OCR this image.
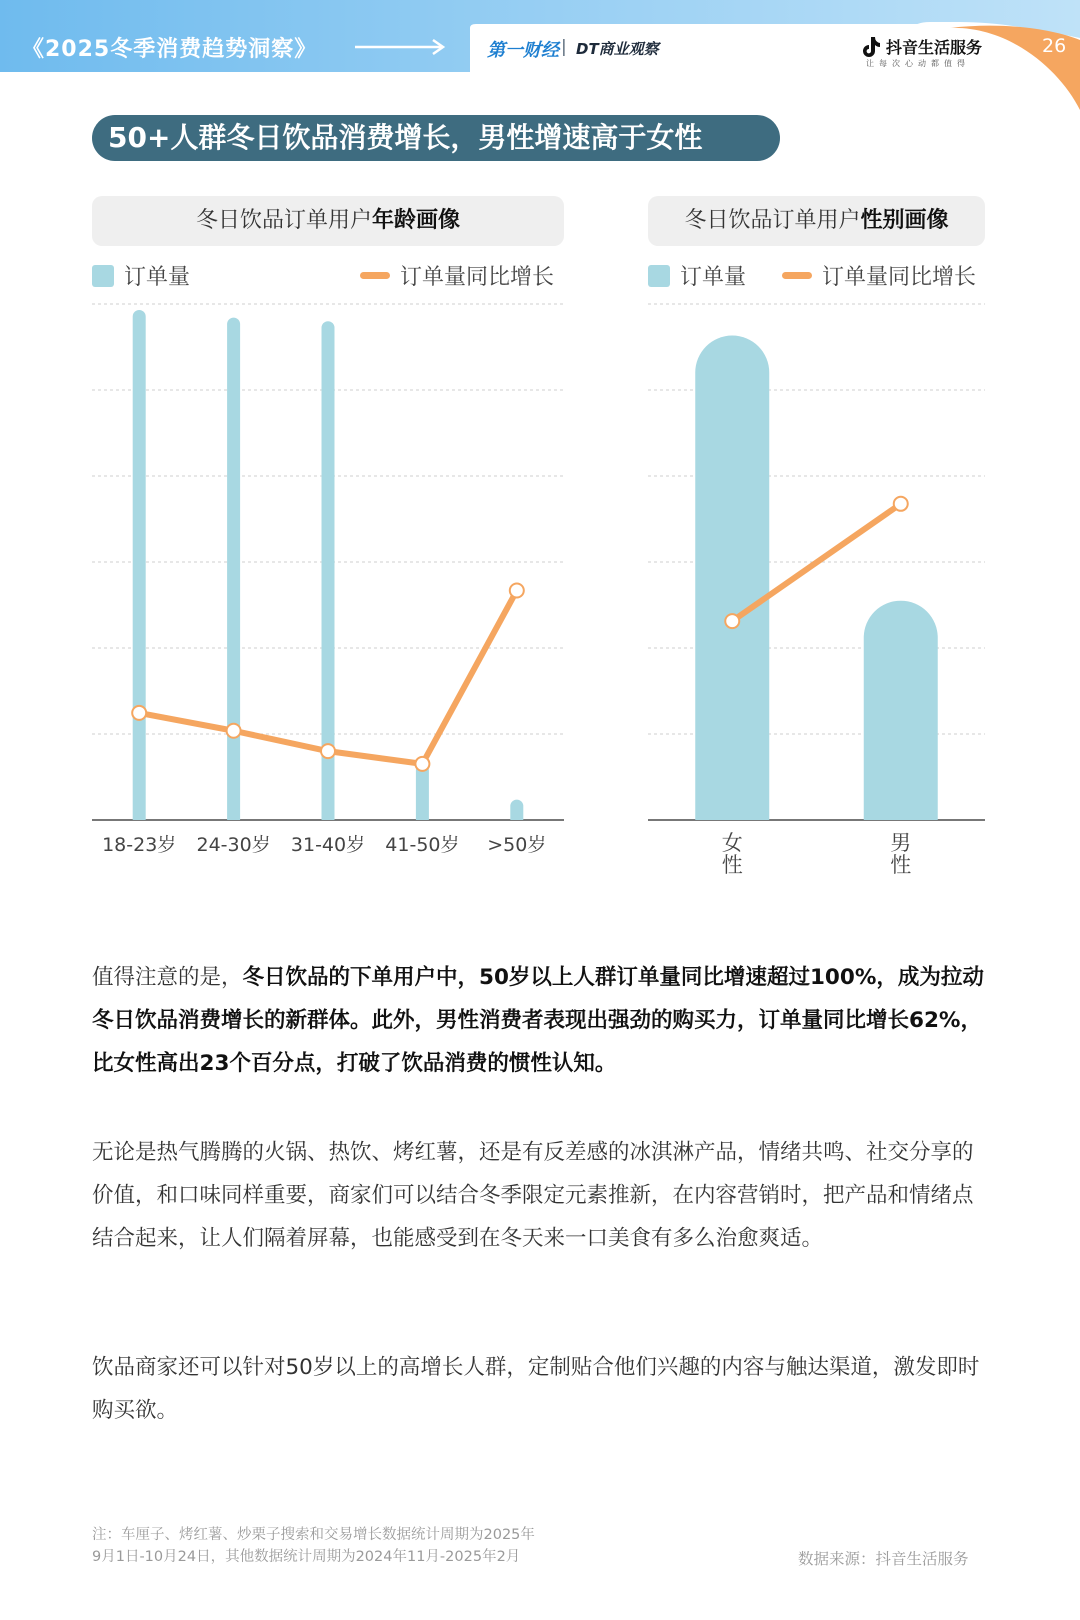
《2025冬季消费趋势洞察》	第一财经 | DT商业观察	抖音生活服务
让每次心动都值得
26
50+人群冬日饮品消费增长，男性增速高于女性
冬日饮品订单用户年龄画像
订单量	订单量同比增长
18-23岁 24-30岁 31-40岁 41-50岁 >50岁
冬日饮品订单用户性别画像
订单量	订单量同比增长
女
性
男
性
值得注意的是，冬日饮品的下单用户中，50岁以上人群订单量同比增速超过100%，成为拉动冬日饮品消费增长的新群体。此外，男性消费者表现出强劲的购买力，订单量同比增长62%，比女性高出23个百分点，打破了饮品消费的惯性认知。
无论是热气腾腾的火锅、热饮、烤红薯，还是有反差感的冰淇淋产品，情绪共鸣、社交分享的价值，和口味同样重要，商家们可以结合冬季限定元素推新，在内容营销时，把产品和情绪点结合起来，让人们隔着屏幕，也能感受到在冬天来一口美食有多么治愈爽适。
饮品商家还可以针对50岁以上的高增长人群，定制贴合他们兴趣的内容与触达渠道，激发即时购买欲。
注：车厘子、烤红薯、炒栗子搜索和交易增长数据统计周期为2025年
9月1日-10月24日，其他数据统计周期为2024年11月-2025年2月	数据来源：抖音生活服务
